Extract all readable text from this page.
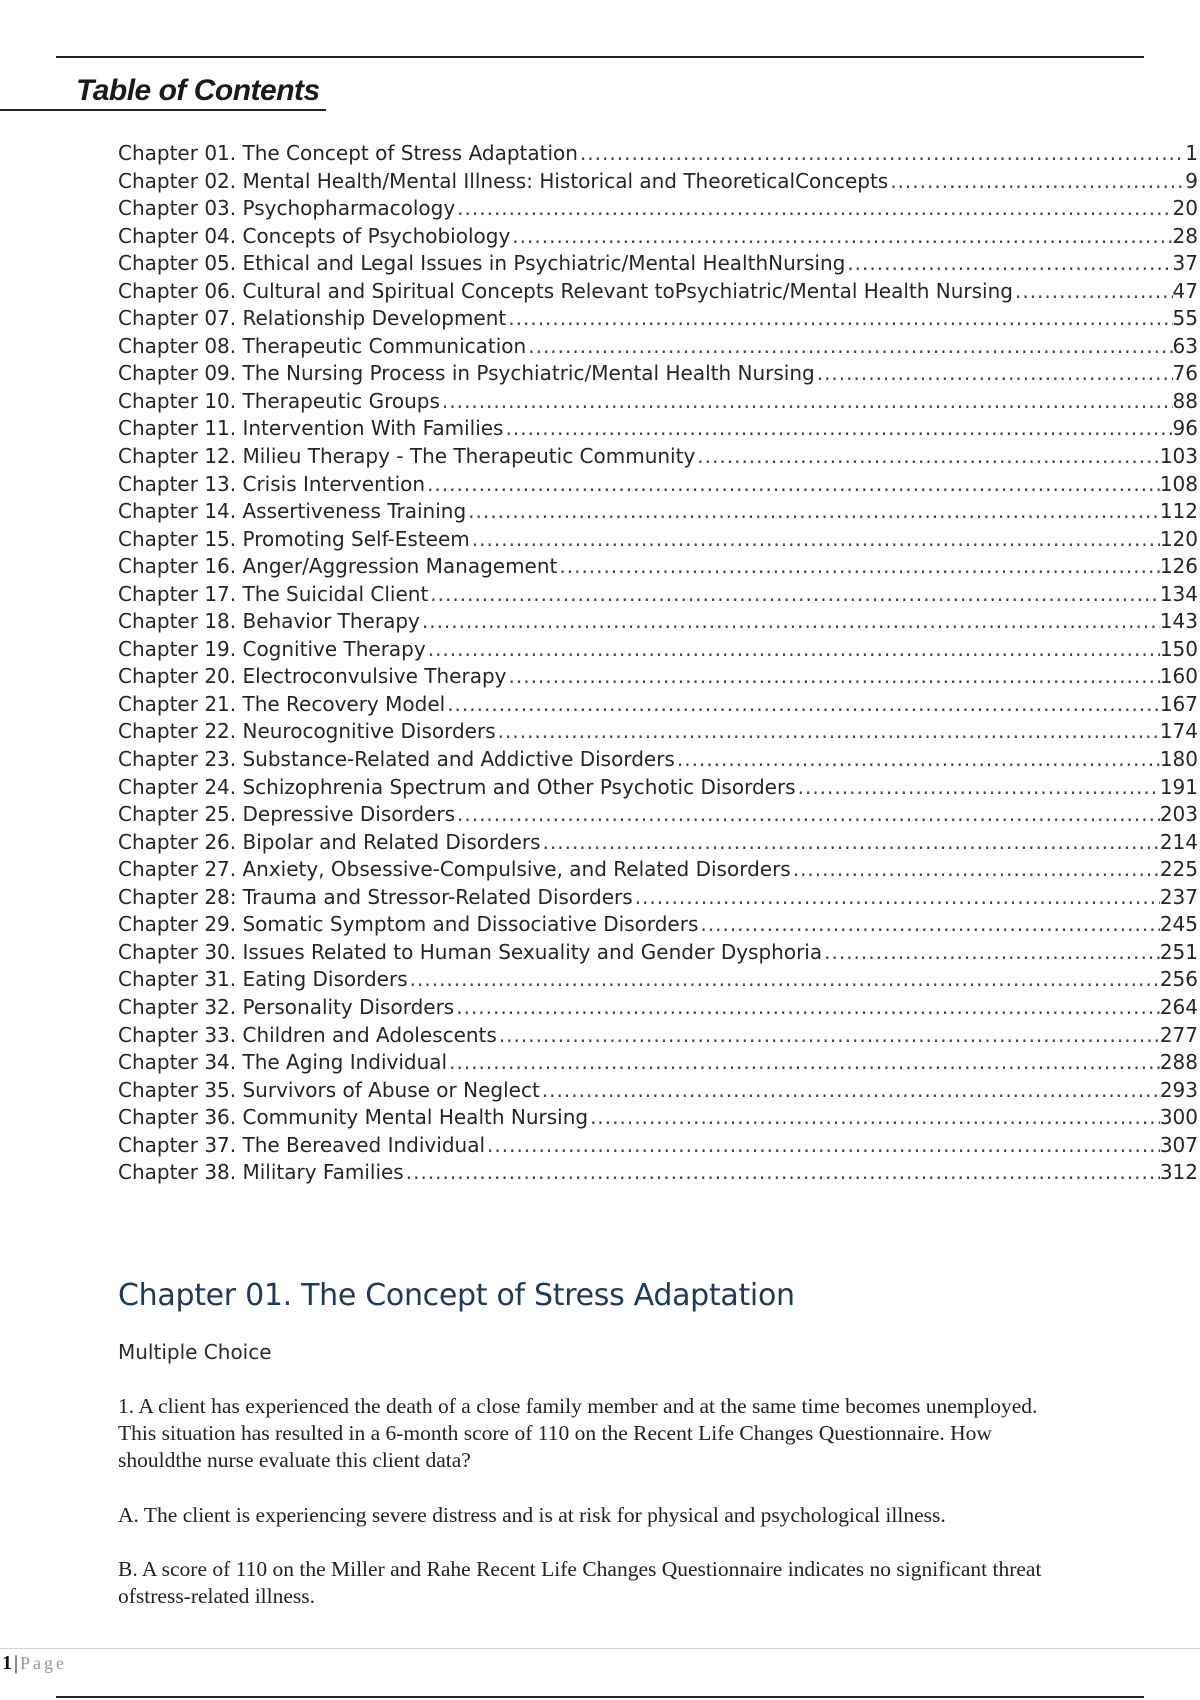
Table of Contents
Chapter 01. The Concept of Stress Adaptation .....	1
Chapter 02. Mental Health/Mental Illness: Historical and TheoreticalConcepts .....	9
Chapter 03. Psychopharmacology .....	20
Chapter 04. Concepts of Psychobiology .....	28
Chapter 05. Ethical and Legal Issues in Psychiatric/Mental HealthNursing .....	37
Chapter 06. Cultural and Spiritual Concepts Relevant toPsychiatric/Mental Health Nursing .....	47
Chapter 07. Relationship Development .....	55
Chapter 08. Therapeutic Communication .....	63
Chapter 09. The Nursing Process in Psychiatric/Mental Health Nursing .....	76
Chapter 10. Therapeutic Groups .....	88
Chapter 11. Intervention With Families .....	96
Chapter 12. Milieu Therapy - The Therapeutic Community .....	103
Chapter 13. Crisis Intervention .....	108
Chapter 14. Assertiveness Training .....	112
Chapter 15. Promoting Self-Esteem .....	120
Chapter 16. Anger/Aggression Management .....	126
Chapter 17. The Suicidal Client .....	134
Chapter 18. Behavior Therapy .....	143
Chapter 19. Cognitive Therapy .....	150
Chapter 20. Electroconvulsive Therapy .....	160
Chapter 21. The Recovery Model .....	167
Chapter 22. Neurocognitive Disorders .....	174
Chapter 23. Substance-Related and Addictive Disorders .....	180
Chapter 24. Schizophrenia Spectrum and Other Psychotic Disorders .....	191
Chapter 25. Depressive Disorders .....	203
Chapter 26. Bipolar and Related Disorders .....	214
Chapter 27. Anxiety, Obsessive-Compulsive, and Related Disorders .....	225
Chapter 28: Trauma and Stressor-Related Disorders .....	237
Chapter 29. Somatic Symptom and Dissociative Disorders .....	245
Chapter 30. Issues Related to Human Sexuality and Gender Dysphoria .....	251
Chapter 31. Eating Disorders .....	256
Chapter 32. Personality Disorders .....	264
Chapter 33. Children and Adolescents .....	277
Chapter 34. The Aging Individual .....	288
Chapter 35. Survivors of Abuse or Neglect .....	293
Chapter 36. Community Mental Health Nursing .....	300
Chapter 37. The Bereaved Individual .....	307
Chapter 38. Military Families .....	312
Chapter 01. The Concept of Stress Adaptation

Multiple Choice

1. A client has experienced the death of a close family member and at the same time becomes unemployed. This situation has resulted in a 6-month score of 110 on the Recent Life Changes Questionnaire. How shouldthe nurse evaluate this client data?

A. The client is experiencing severe distress and is at risk for physical and psychological illness.

B. A score of 110 on the Miller and Rahe Recent Life Changes Questionnaire indicates no significant threat ofstress-related illness.

1 | Page
